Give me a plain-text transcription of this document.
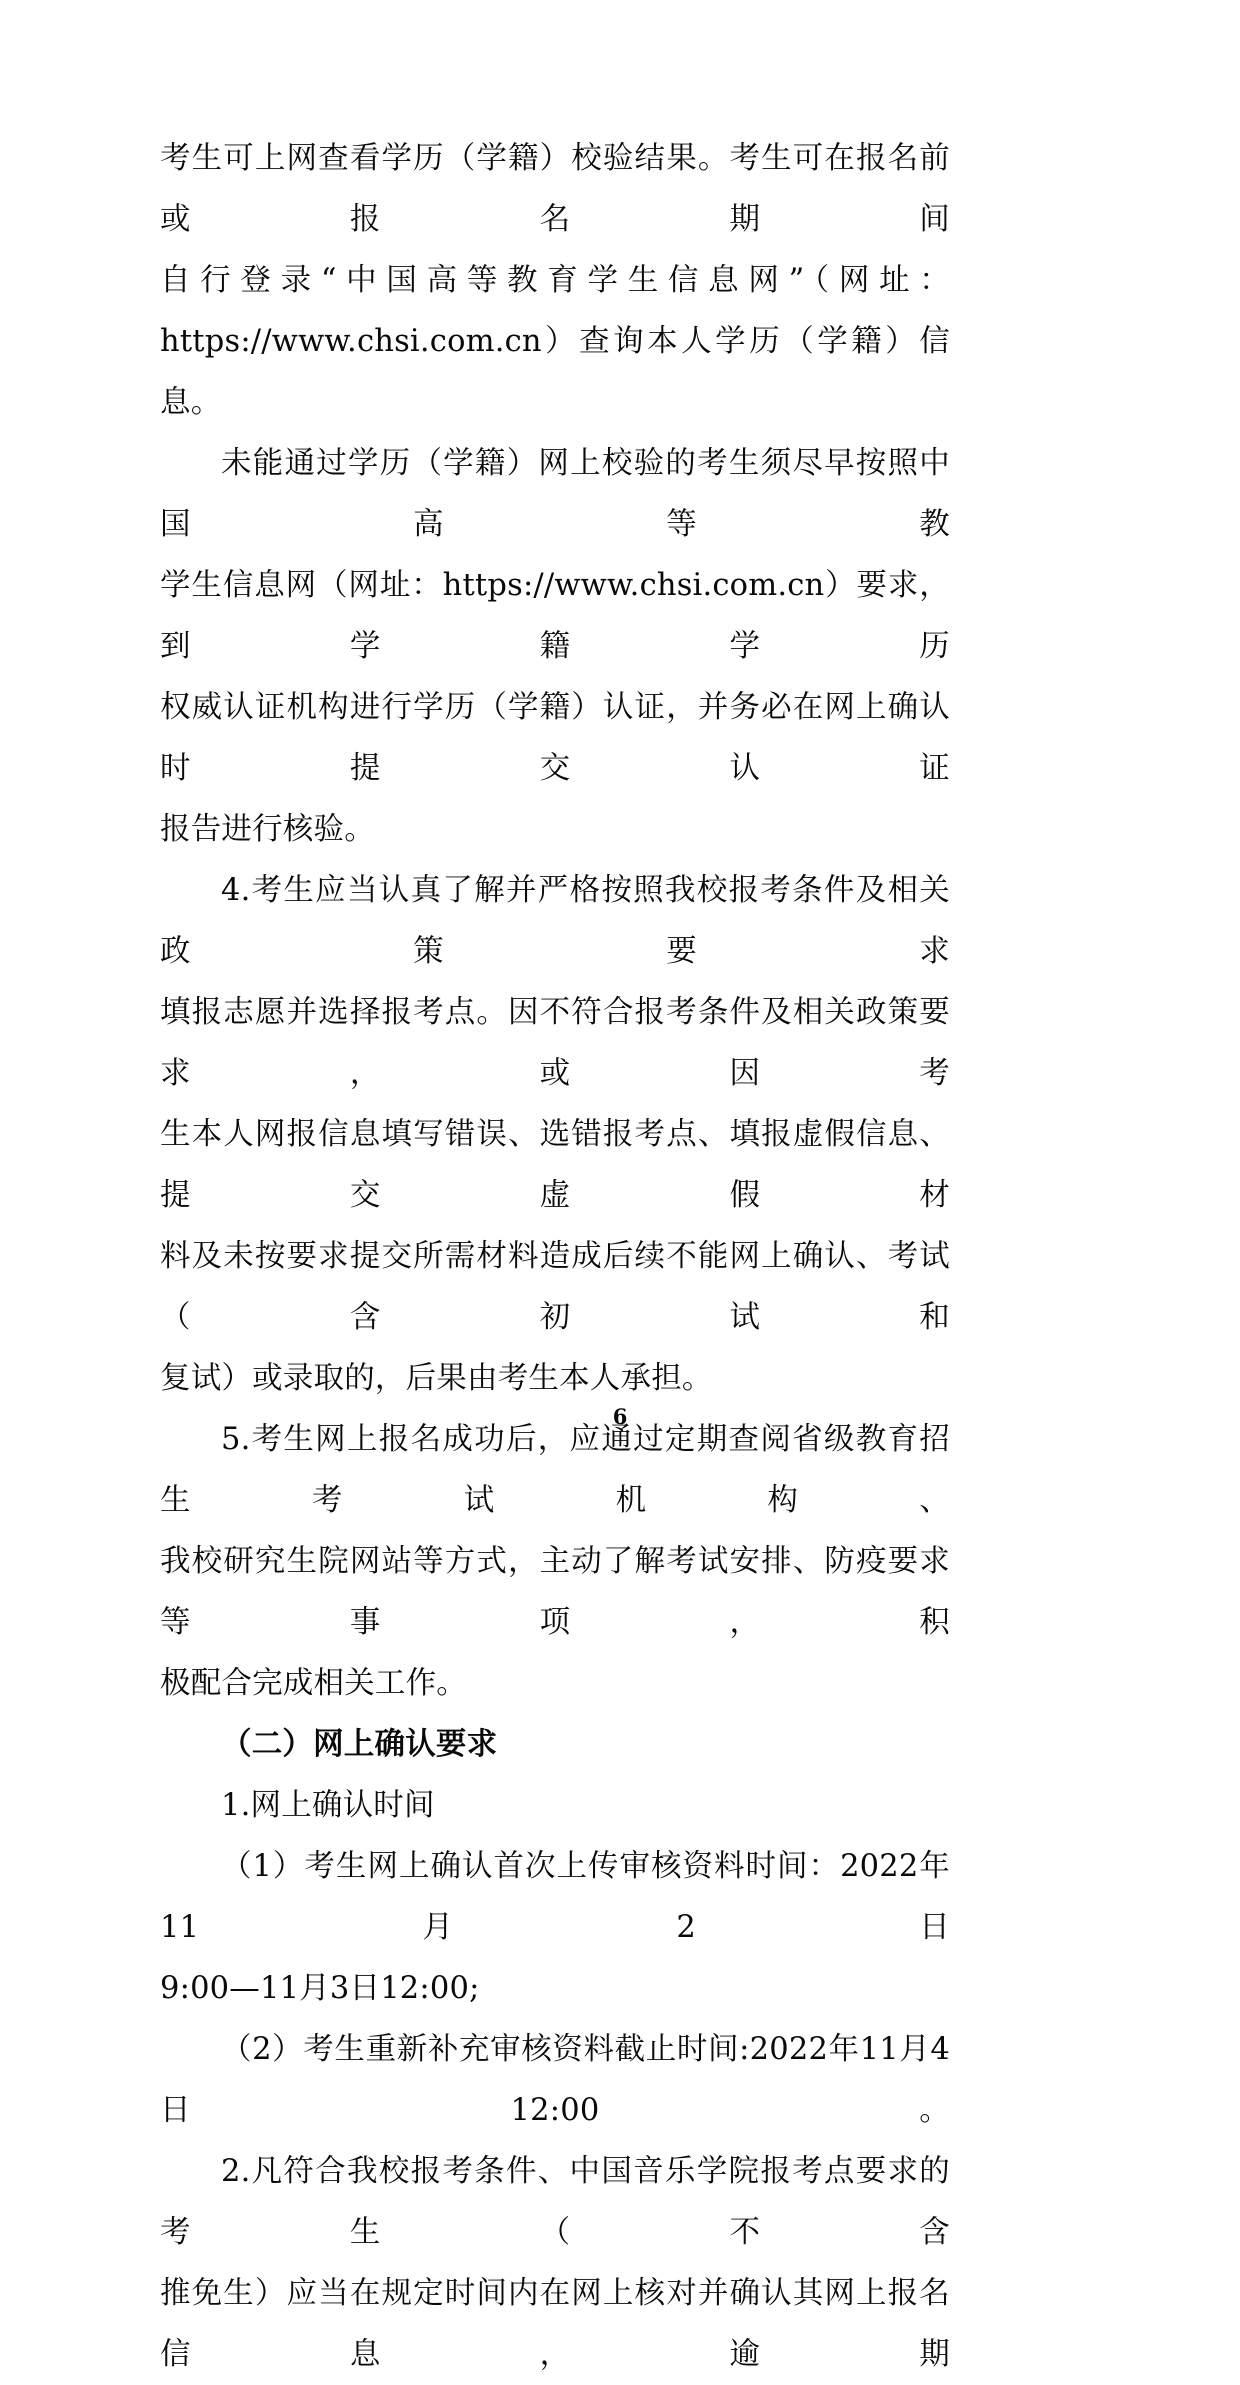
考生可上网查看学历（学籍）校验结果。考生可在报名前或报名期间
自行登录“中国高等教育学生信息网”（网址：
https://www.chsi.com.cn）查询本人学历（学籍）信息。
未能通过学历（学籍）网上校验的考生须尽早按照中国高等教
学生信息网（网址：https://www.chsi.com.cn）要求，到学籍学历
权威认证机构进行学历（学籍）认证，并务必在网上确认时提交认证
报告进行核验。
4.考生应当认真了解并严格按照我校报考条件及相关政策要求
填报志愿并选择报考点。因不符合报考条件及相关政策要求，或因考
生本人网报信息填写错误、选错报考点、填报虚假信息、提交虚假材
料及未按要求提交所需材料造成后续不能网上确认、考试（含初试和
复试）或录取的，后果由考生本人承担。
5.考生网上报名成功后，应通过定期查阅省级教育招生考试机构、
我校研究生院网站等方式，主动了解考试安排、防疫要求等事项，积
极配合完成相关工作。
（二）网上确认要求
1.网上确认时间
（1）考生网上确认首次上传审核资料时间：2022年11月2日
9:00—11月3日12:00;
（2）考生重新补充审核资料截止时间:2022年11月4日12:00。
2.凡符合我校报考条件、中国音乐学院报考点要求的考生（不含
推免生）应当在规定时间内在网上核对并确认其网上报名信息，逾期
6
